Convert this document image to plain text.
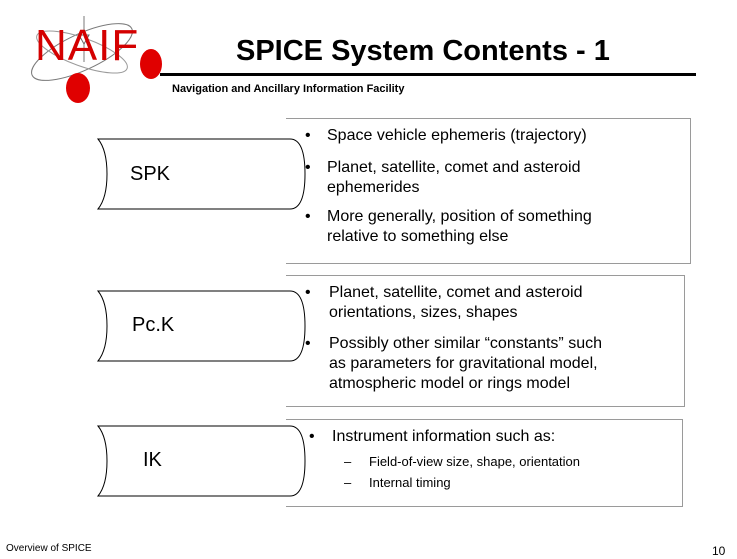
NAIF	SPICE System Contents - 1
Navigation and Ancillary Information Facility
SPK
• Space vehicle ephemeris (trajectory)
• Planet, satellite, comet and asteroid
ephemerides
• More generally, position of something
relative to something else
Pc.K
• Planet, satellite, comet and asteroid
orientations, sizes, shapes
• Possibly other similar “constants” such
as parameters for gravitational model,
atmospheric model or rings model
IK
• Instrument information such as:
– Field-of-view size, shape, orientation
– Internal timing
Overview of SPICE	10
